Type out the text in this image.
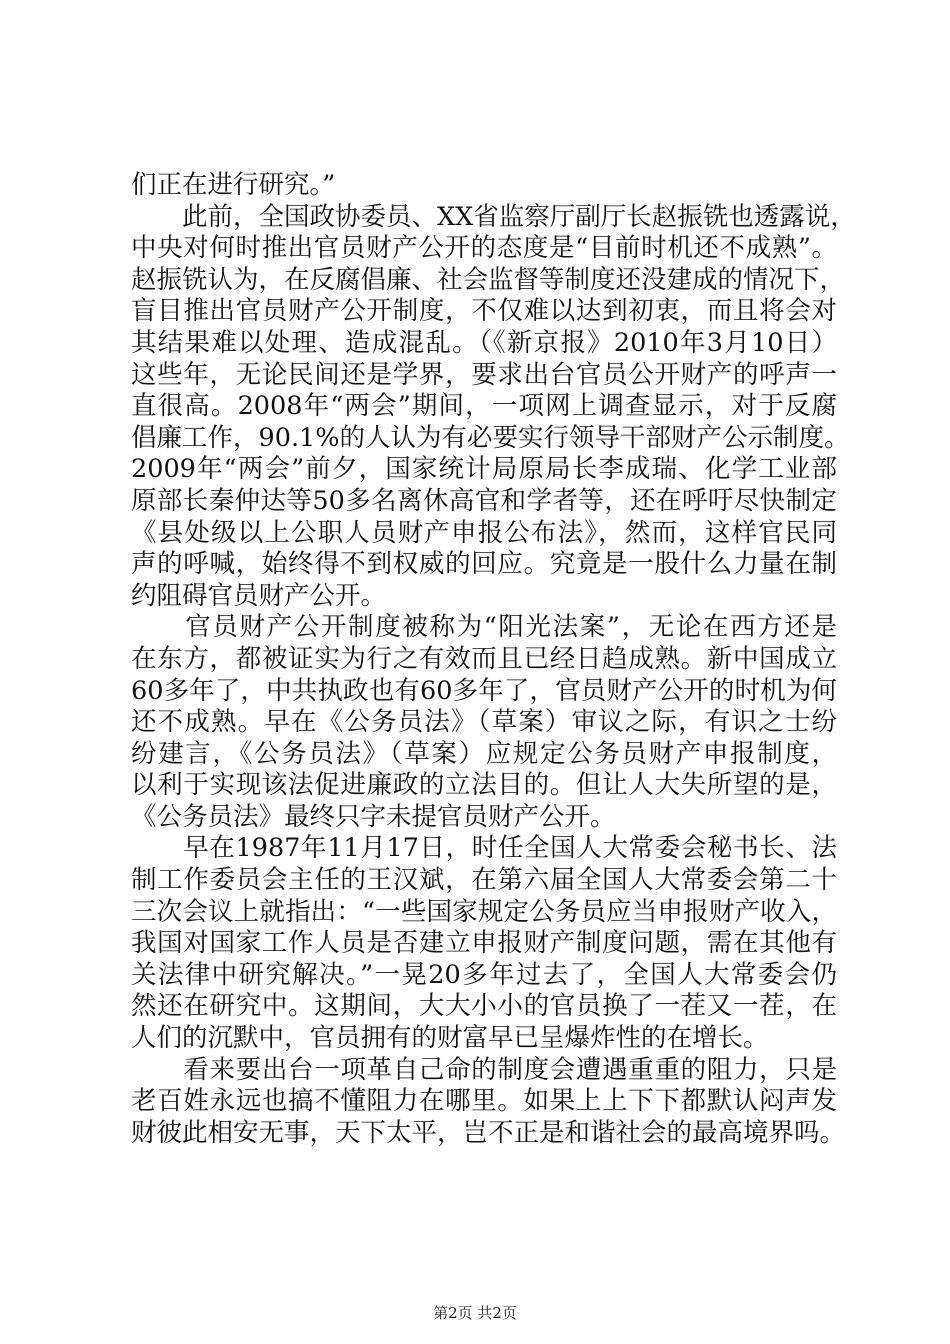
们正在进行研究。”
　　此前，全国政协委员、XX省监察厅副厅长赵振铣也透露说，
中央对何时推出官员财产公开的态度是“目前时机还不成熟”。
赵振铣认为，在反腐倡廉、社会监督等制度还没建成的情况下，
盲目推出官员财产公开制度，不仅难以达到初衷，而且将会对
其结果难以处理、造成混乱。（《新京报》2010年3月10日）
这些年，无论民间还是学界，要求出台官员公开财产的呼声一
直很高。2008年“两会”期间，一项网上调查显示，对于反腐
倡廉工作，90.1%的人认为有必要实行领导干部财产公示制度。
2009年“两会”前夕，国家统计局原局长李成瑞、化学工业部
原部长秦仲达等50多名离休高官和学者等，还在呼吁尽快制定
《县处级以上公职人员财产申报公布法》，然而，这样官民同
声的呼喊，始终得不到权威的回应。究竟是一股什么力量在制
约阻碍官员财产公开。
　　官员财产公开制度被称为“阳光法案”，无论在西方还是
在东方，都被证实为行之有效而且已经日趋成熟。新中国成立
60多年了，中共执政也有60多年了，官员财产公开的时机为何
还不成熟。早在《公务员法》（草案）审议之际，有识之士纷
纷建言，《公务员法》（草案）应规定公务员财产申报制度，
以利于实现该法促进廉政的立法目的。但让人大失所望的是，
《公务员法》最终只字未提官员财产公开。
　　早在1987年11月17日，时任全国人大常委会秘书长、法
制工作委员会主任的王汉斌，在第六届全国人大常委会第二十
三次会议上就指出：“一些国家规定公务员应当申报财产收入，
我国对国家工作人员是否建立申报财产制度问题，需在其他有
关法律中研究解决。”一晃20多年过去了，全国人大常委会仍
然还在研究中。这期间，大大小小的官员换了一茬又一茬，在
人们的沉默中，官员拥有的财富早已呈爆炸性的在增长。
　　看来要出台一项革自己命的制度会遭遇重重的阻力，只是
老百姓永远也搞不懂阻力在哪里。如果上上下下都默认闷声发
财彼此相安无事，天下太平，岂不正是和谐社会的最高境界吗。
第2页 共2页
